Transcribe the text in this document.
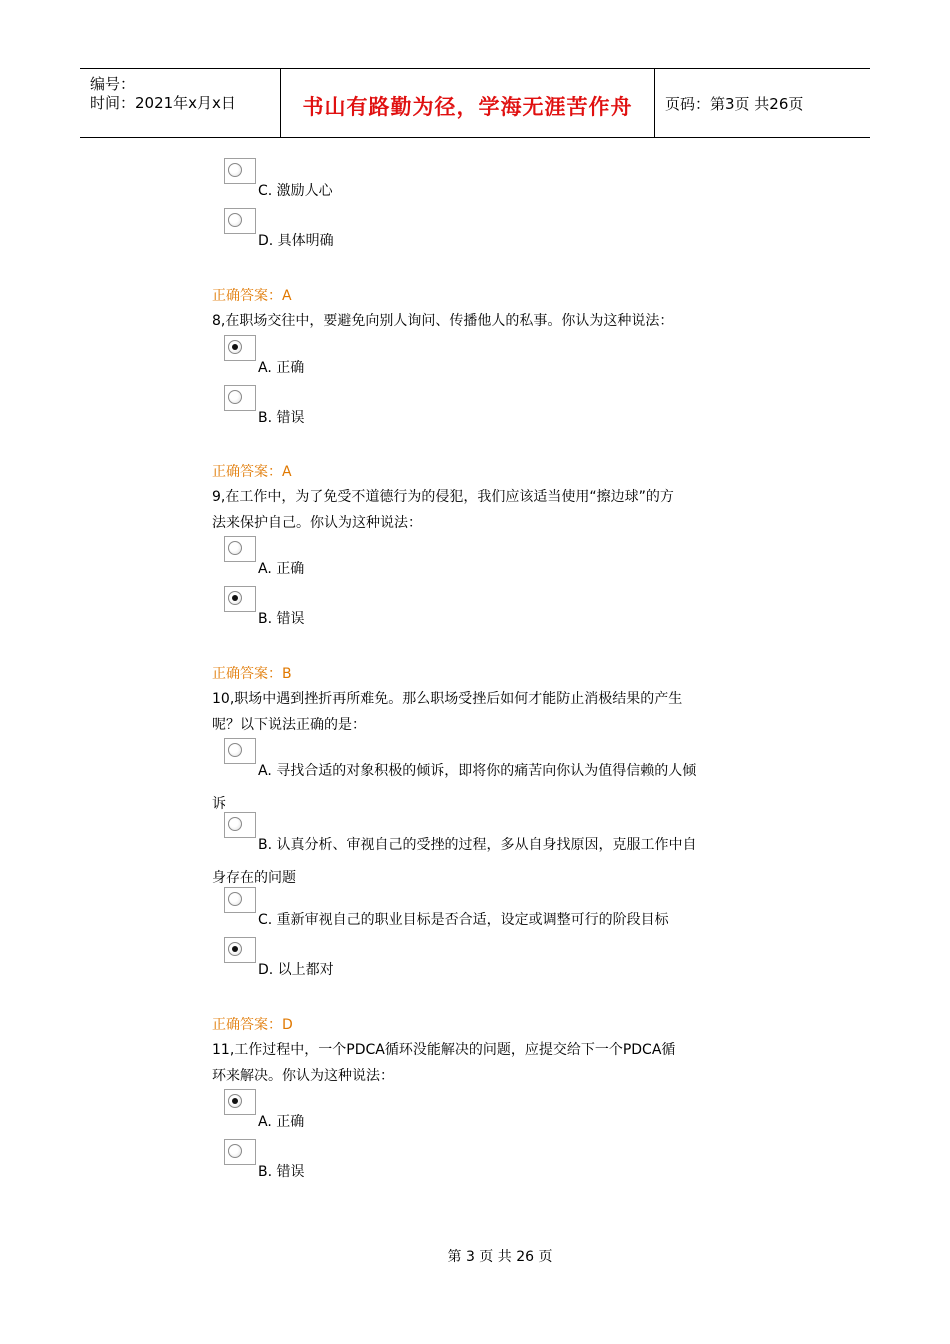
编号：
时间：2021年x月x日	书山有路勤为径，学海无涯苦作舟	页码：第3页 共26页
C. 激励人心
D. 具体明确
正确答案：A
8,在职场交往中，要避免向别人询问、传播他人的私事。你认为这种说法：
A. 正确
B. 错误
正确答案：A
9,在工作中，为了免受不道德行为的侵犯，我们应该适当使用“擦边球”的方
法来保护自己。你认为这种说法：
A. 正确
B. 错误
正确答案：B
10,职场中遇到挫折再所难免。那么职场受挫后如何才能防止消极结果的产生
呢？以下说法正确的是：
A. 寻找合适的对象积极的倾诉，即将你的痛苦向你认为值得信赖的人倾
诉
B. 认真分析、审视自己的受挫的过程，多从自身找原因，克服工作中自
身存在的问题
C. 重新审视自己的职业目标是否合适，设定或调整可行的阶段目标
D. 以上都对
正确答案：D
11,工作过程中，一个PDCA循环没能解决的问题，应提交给下一个PDCA循
环来解决。你认为这种说法：
A. 正确
B. 错误
第 3 页 共 26 页
